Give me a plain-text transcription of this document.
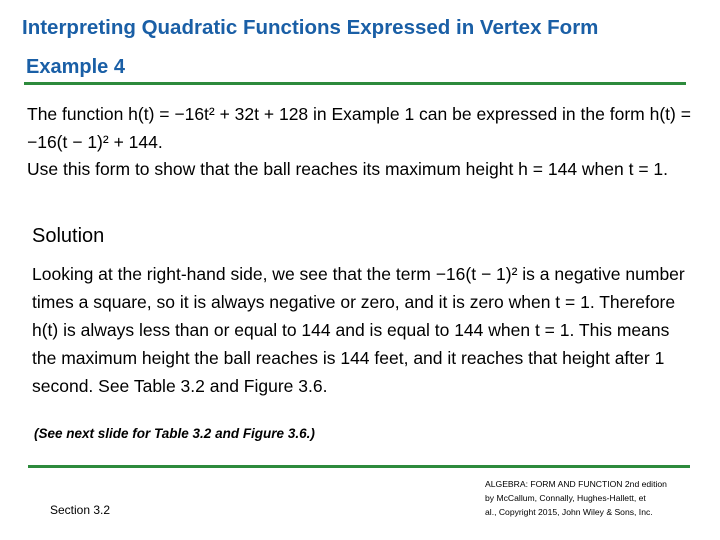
Interpreting Quadratic Functions Expressed in Vertex Form
Example 4

The function h(t) = −16t² + 32t + 128 in Example 1 can be expressed in the form h(t) = −16(t − 1)² + 144.

Use this form to show that the ball reaches its maximum height h = 144 when t = 1.

Solution

Looking at the right-hand side, we see that the term −16(t − 1)² is a negative number times a square, so it is always negative or zero, and it is zero when t = 1. Therefore h(t) is always less than or equal to 144 and is equal to 144 when t = 1. This means the maximum height the ball reaches is 144 feet, and it reaches that height after 1 second. See Table 3.2 and Figure 3.6.

(See next slide for Table 3.2 and Figure 3.6.)
Section 3.2
ALGEBRA: FORM AND FUNCTION 2nd edition
by McCallum, Connally, Hughes-Hallett, et
al., Copyright 2015, John Wiley & Sons, Inc.
